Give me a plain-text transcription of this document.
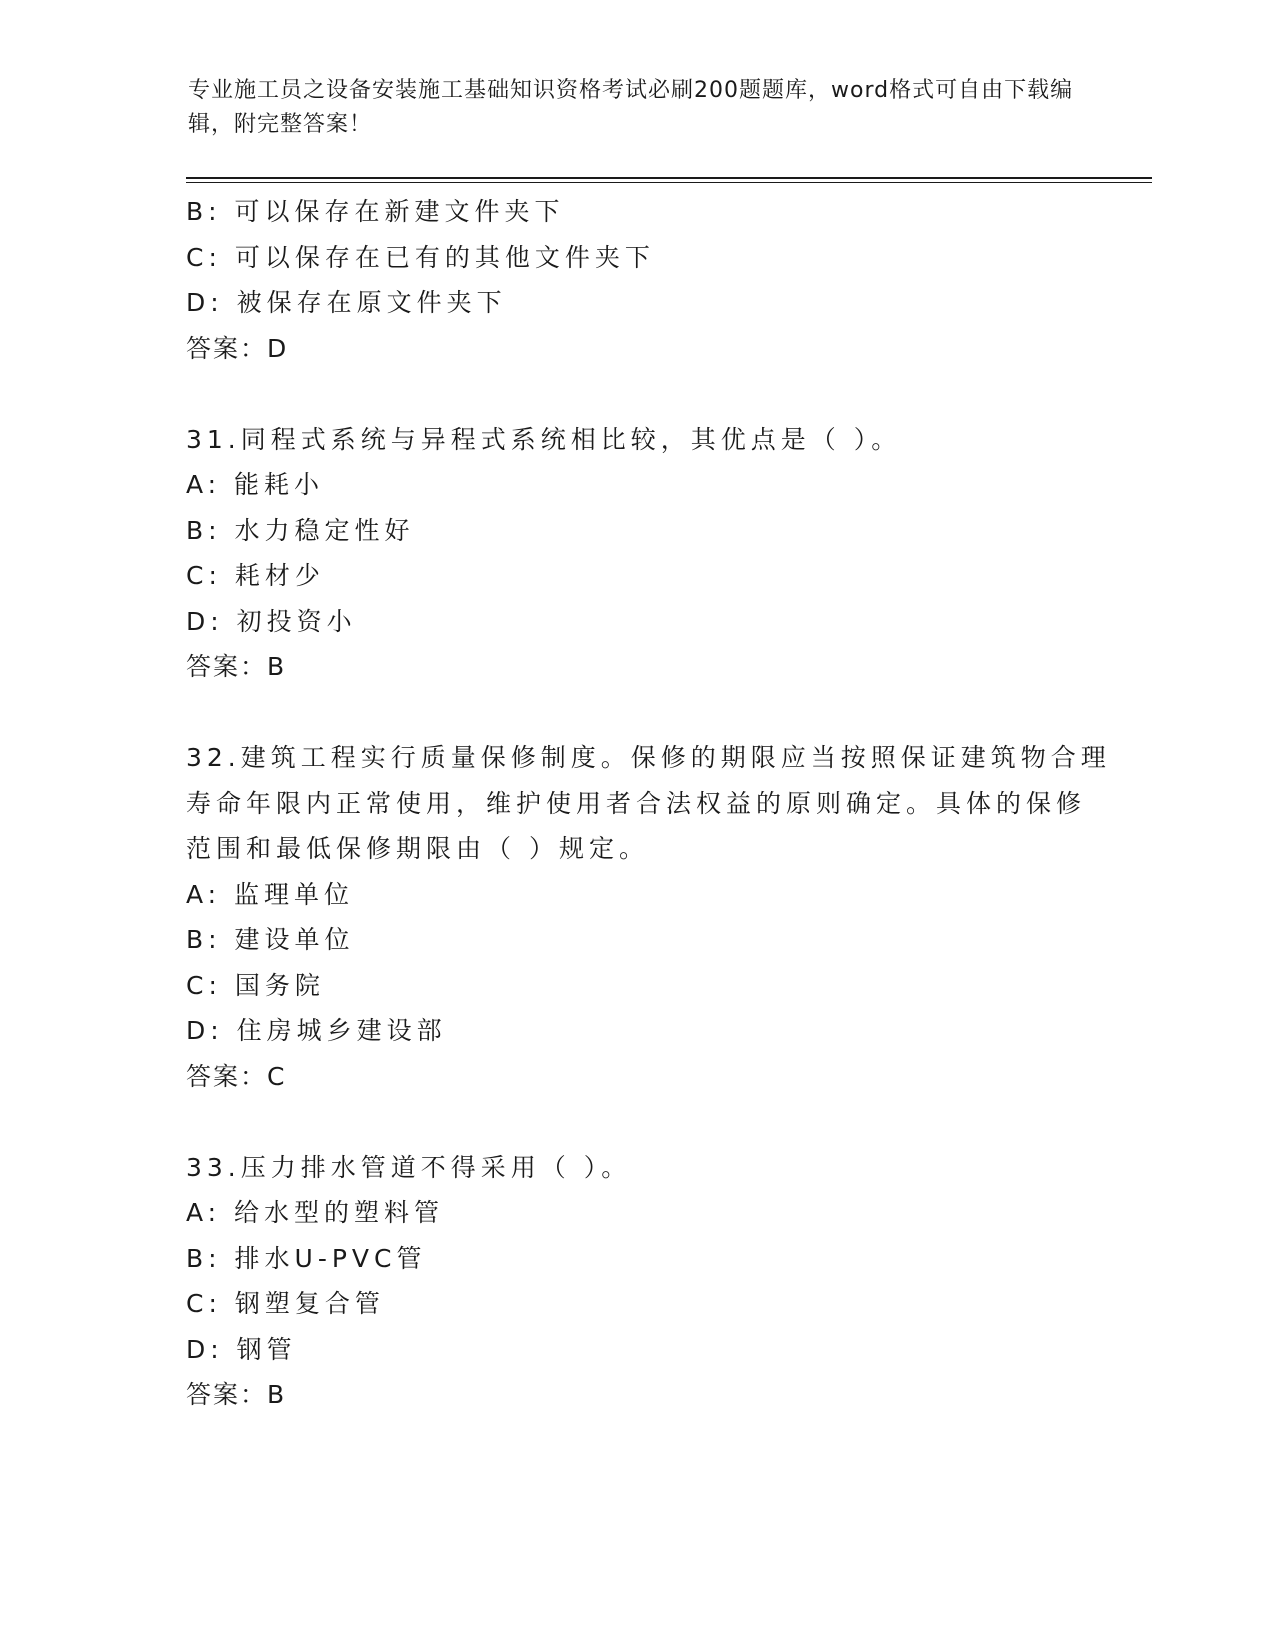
专业施工员之设备安装施工基础知识资格考试必刷200题题库，word格式可自由下载编辑，附完整答案！
B: 可以保存在新建文件夹下
C: 可以保存在已有的其他文件夹下
D: 被保存在原文件夹下
答案：D
31.同程式系统与异程式系统相比较，其优点是（ ）。
A: 能耗小
B: 水力稳定性好
C: 耗材少
D: 初投资小
答案：B
32.建筑工程实行质量保修制度。保修的期限应当按照保证建筑物合理
寿命年限内正常使用，维护使用者合法权益的原则确定。具体的保修
范围和最低保修期限由（ ）规定。
A: 监理单位
B: 建设单位
C: 国务院
D: 住房城乡建设部
答案：C
33.压力排水管道不得采用（ ）。
A: 给水型的塑料管
B: 排水U-PVC管
C: 钢塑复合管
D: 钢管
答案：B
